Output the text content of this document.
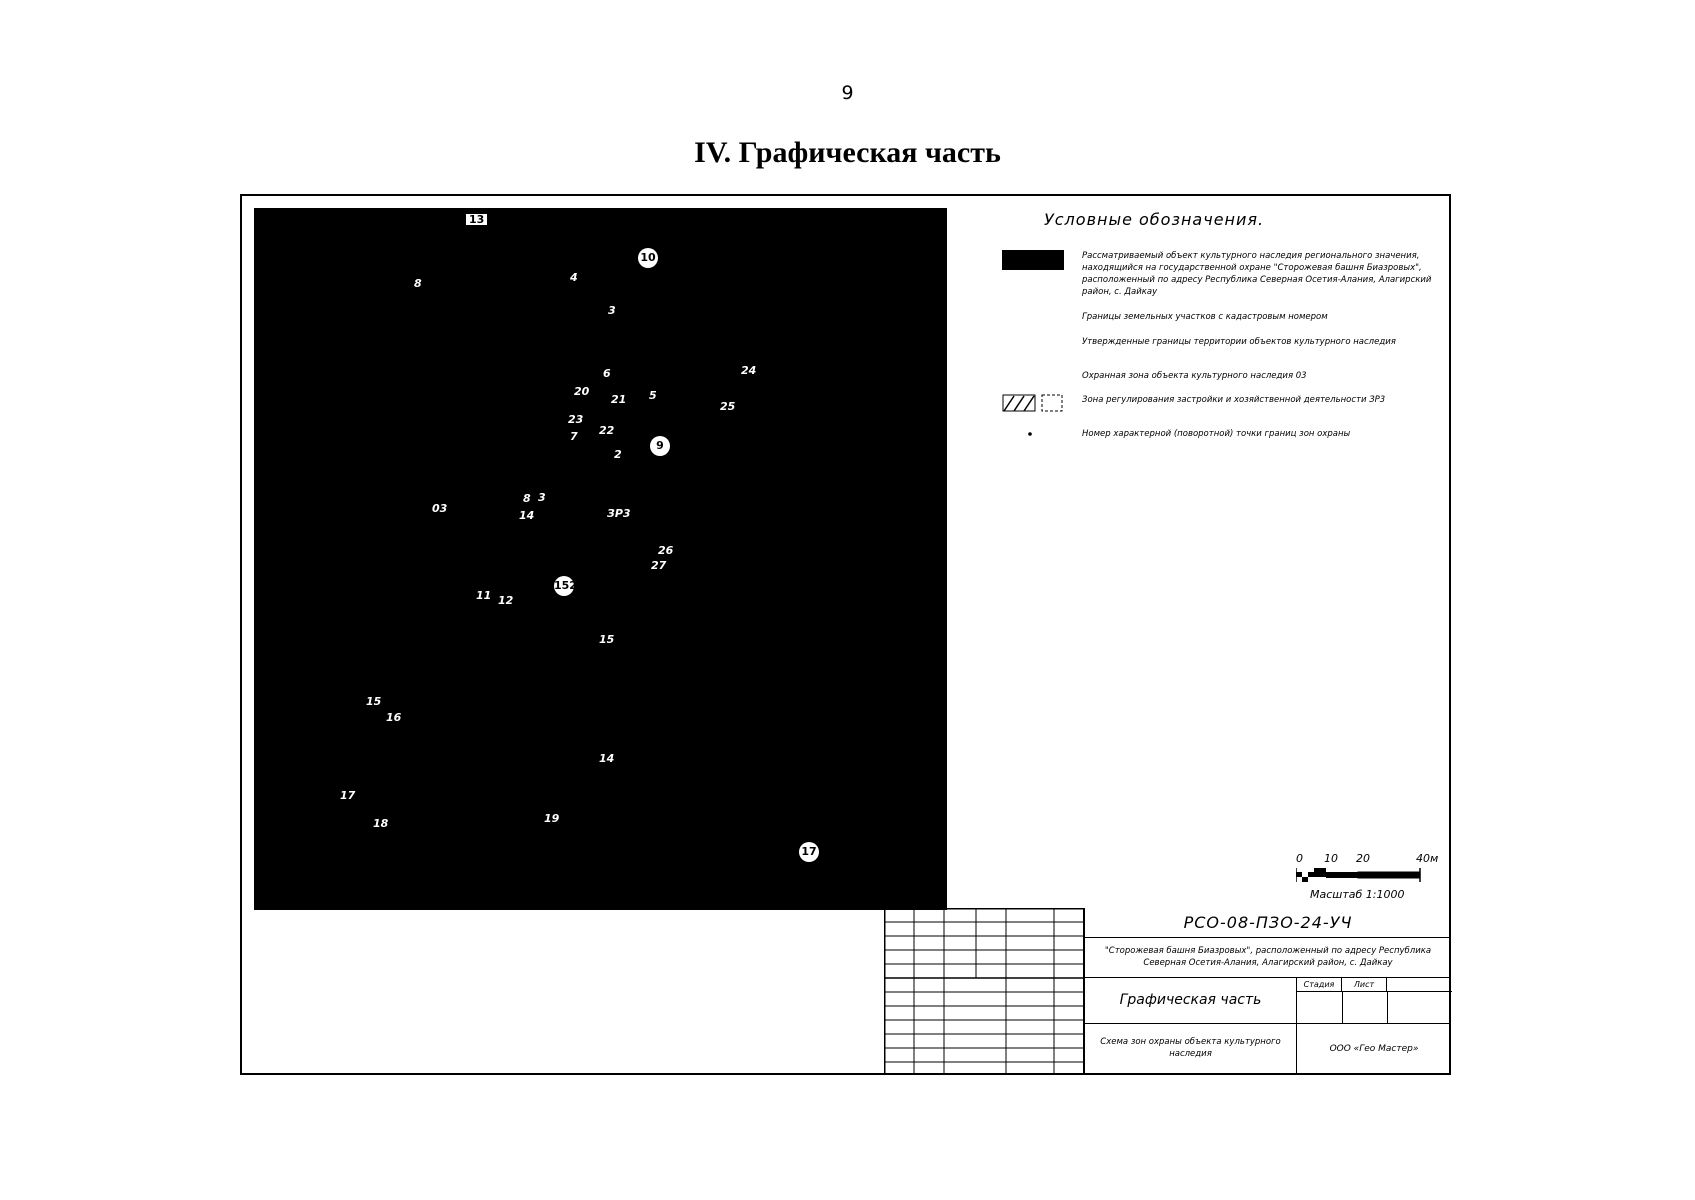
9
IV. Графическая часть
13
10
8	4
3
24
6
20
21 5
25
23
22
7
9
2
03
8 3
14	ЗР3
26
27
152
11 12
15
15
16
14
17
18	19
17
Условные обозначения.
Рассматриваемый объект культурного наследия регионального значения, находящийся на государственной охране "Сторожевая башня Биазровых", расположенный по адресу Республика Северная Осетия-Алания, Алагирский район, с. Дайкау
Границы земельных участков с кадастровым номером
Утвержденные границы территории объектов культурного наследия
Охранная зона объекта культурного наследия 03
Зона регулирования застройки и хозяйственной деятельности ЗР3
Номер характерной (поворотной) точки границ зон охраны
0 10 20	40м
Масштаб 1:1000
РСО-08-ПЗО-24-УЧ
"Сторожевая башня Биазровых", расположенный по адресу Республика Северная Осетия-Алания, Алагирский район, с. Дайкау
Графическая часть
Стадия	Лист
Схема зон охраны объекта культурного наследия	ООО «Гео Мастер»
